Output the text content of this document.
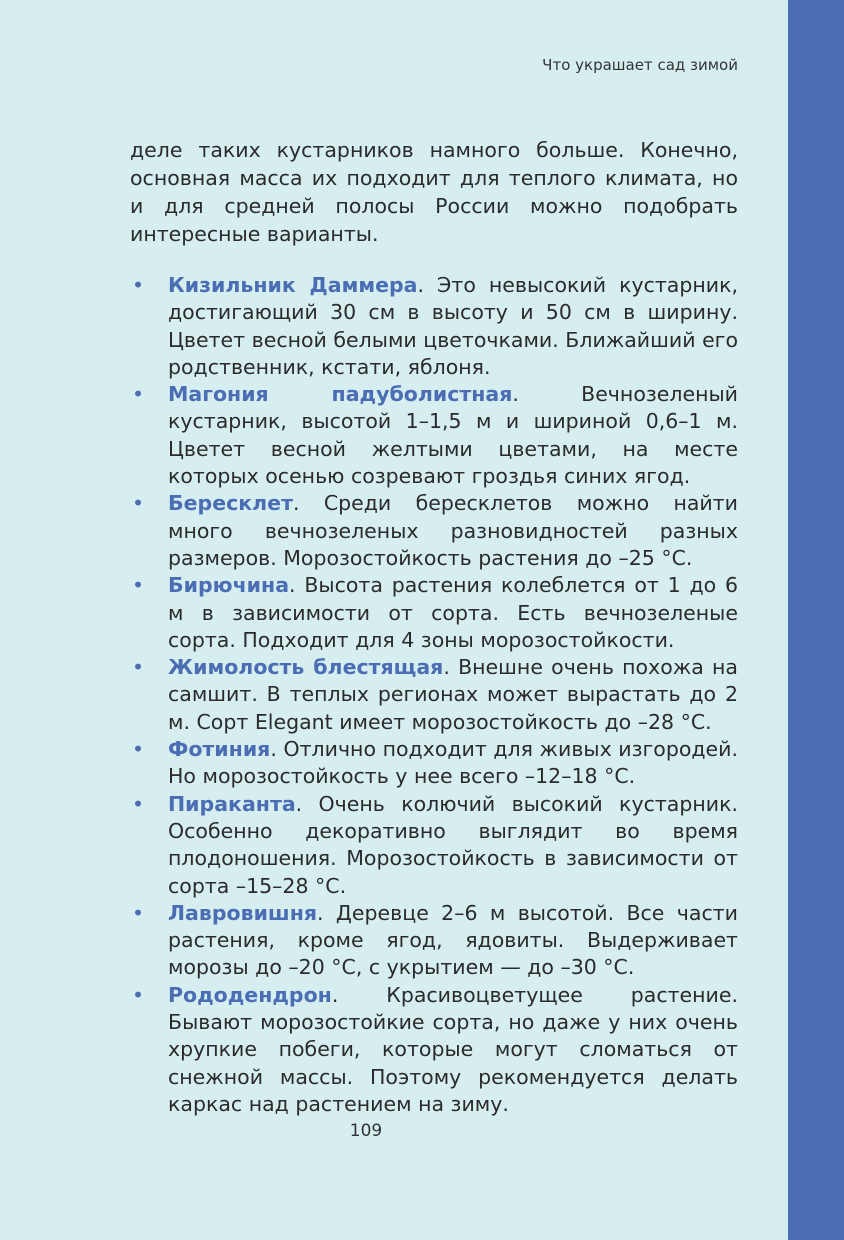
Что украшает сад зимой

деле таких кустарников намного больше. Конечно, основная масса их подходит для теплого климата, но и для средней полосы России можно подобрать интересные варианты.

• Кизильник Даммера. Это невысокий кустарник, достигающий 30 см в высоту и 50 см в ширину. Цветет весной белыми цветочками. Ближайший его родственник, кстати, яблоня.
• Магония падуболистная. Вечнозеленый кустарник, высотой 1–1,5 м и шириной 0,6–1 м. Цветет весной желтыми цветами, на месте которых осенью созревают гроздья синих ягод.
• Бересклет. Среди бересклетов можно найти много вечнозеленых разновидностей разных размеров. Морозостойкость растения до –25 °С.
• Бирючина. Высота растения колеблется от 1 до 6 м в зависимости от сорта. Есть вечнозеленые сорта. Подходит для 4 зоны морозостойкости.
• Жимолость блестящая. Внешне очень похожа на самшит. В теплых регионах может вырастать до 2 м. Сорт Elegant имеет морозостойкость до –28 °С.
• Фотиния. Отлично подходит для живых изгородей. Но морозостойкость у нее всего –12–18 °С.
• Пираканта. Очень колючий высокий кустарник. Особенно декоративно выглядит во время плодоношения. Морозостойкость в зависимости от сорта –15–28 °С.
• Лавровишня. Деревце 2–6 м высотой. Все части растения, кроме ягод, ядовиты. Выдерживает морозы до –20 °С, с укрытием — до –30 °С.
• Рододендрон. Красивоцветущее растение. Бывают морозостойкие сорта, но даже у них очень хрупкие побеги, которые могут сломаться от снежной массы. Поэтому рекомендуется делать каркас над растением на зиму.
109
